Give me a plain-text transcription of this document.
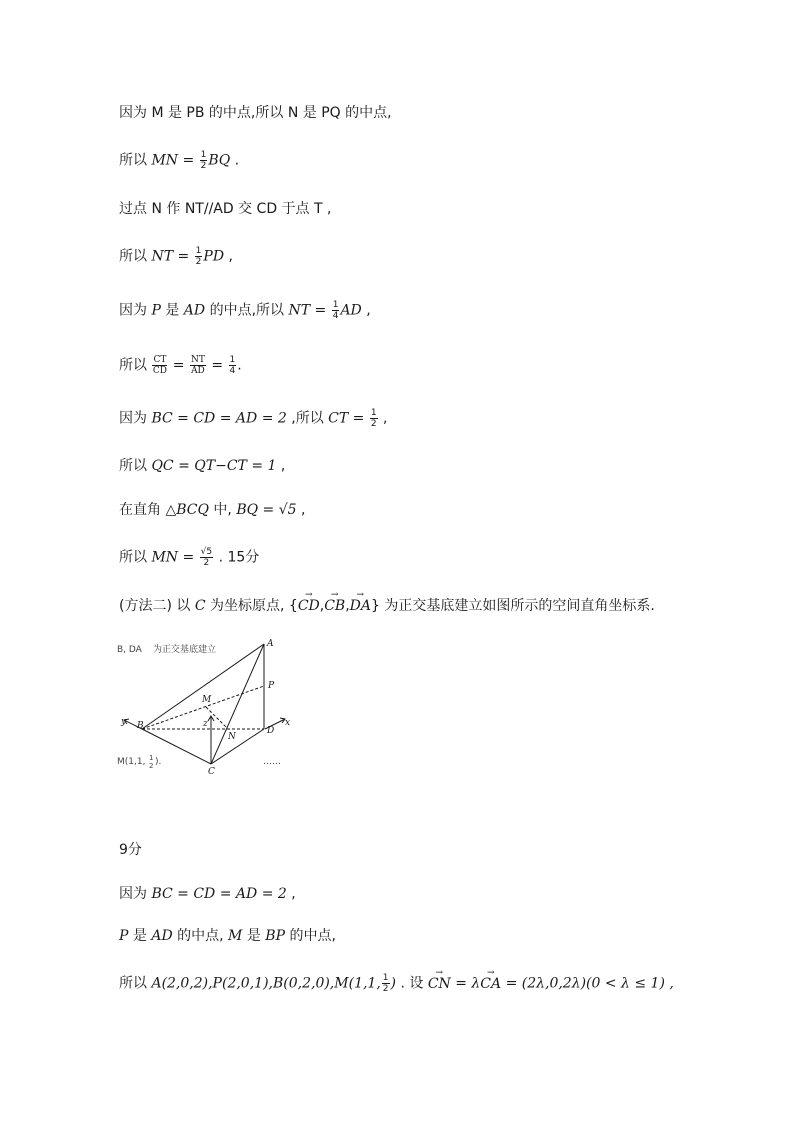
因为 M 是 PB 的中点,所以 N 是 PQ 的中点,
所以 MN = $\frac{1}{2}$ BQ .
过点 N 作 NT//AD 交 CD 于点 T ,
所以 NT = $\frac{1}{2}$ PD ,
因为 P 是 AD 的中点,所以 NT = $\frac{1}{4}$ AD ,
所以 $\frac{CT}{CD} = \frac{NT}{AD} = \frac{1}{4}$ .
因为 BC = CD = AD = 2 ,所以 CT = $\frac{1}{2}$ ,
所以 QC = QT−CT = 1 ,
在直角 △BCQ 中, BQ = √5 ,
所以 MN = $\frac{√5}{2}$ . 15分
(方法二) 以 C 为坐标原点, {→ CD,→ CB,→ DA} 为正交基底建立如图所示的空间直角坐标系.
A
P
M
z
y	x
B
N
D
C
B, DA 为正交基底建立
M(1,1, 1
2 ).	……
9分
因为 BC = CD = AD = 2 ,
P 是 AD 的中点, M 是 BP 的中点,
所以 A(2,0,2),P(2,0,1),B(0,2,0),M(1,1, $\frac{1}{2}$ ) . 设 → CN = λ→ CA = (2λ,0,2λ)(0 < λ ≤ 1) ,
